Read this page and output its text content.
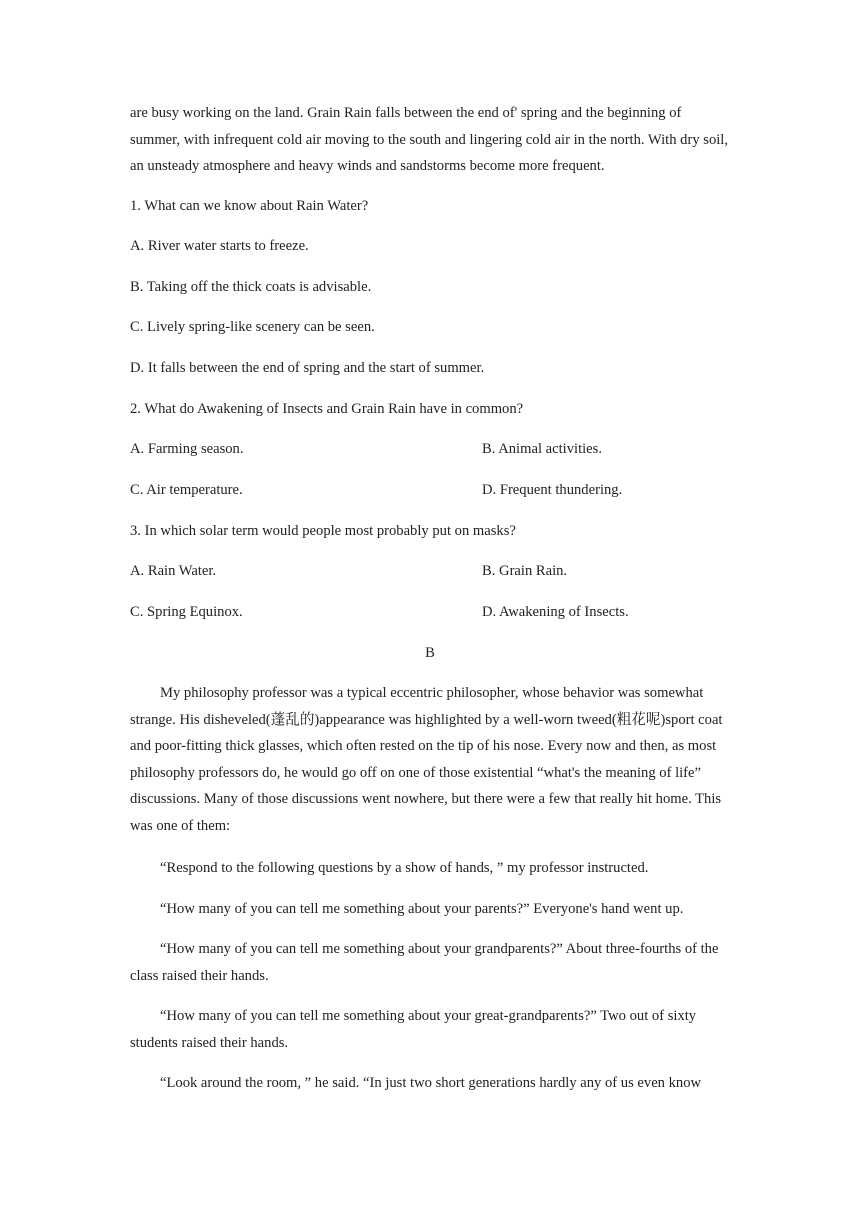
are busy working on the land. Grain Rain falls between the end of' spring and the beginning of summer, with infrequent cold air moving to the south and lingering cold air in the north. With dry soil, an unsteady atmosphere and heavy winds and sandstorms become more frequent.

1. What can we know about Rain Water?

A. River water starts to freeze.

B. Taking off the thick coats is advisable.

C. Lively spring-like scenery can be seen.

D. It falls between the end of spring and the start of summer.

2. What do Awakening of Insects and Grain Rain have in common?

A. Farming season.	B. Animal activities.
C. Air temperature.	D. Frequent thundering.

3. In which solar term would people most probably put on masks?

A. Rain Water.	B. Grain Rain.
C. Spring Equinox.	D. Awakening of Insects.
B

My philosophy professor was a typical eccentric philosopher, whose behavior was somewhat strange. His disheveled(蓬乱的)appearance was highlighted by a well-worn tweed(粗花呢)sport coat and poor-fitting thick glasses, which often rested on the tip of his nose. Every now and then, as most philosophy professors do, he would go off on one of those existential “what's the meaning of life” discussions. Many of those discussions went nowhere, but there were a few that really hit home. This was one of them:

“Respond to the following questions by a show of hands, ” my professor instructed.

“How many of you can tell me something about your parents?” Everyone's hand went up.

“How many of you can tell me something about your grandparents?” About three-fourths of the class raised their hands.

“How many of you can tell me something about your great-grandparents?” Two out of sixty students raised their hands.

“Look around the room, ” he said. “In just two short generations hardly any of us even know
